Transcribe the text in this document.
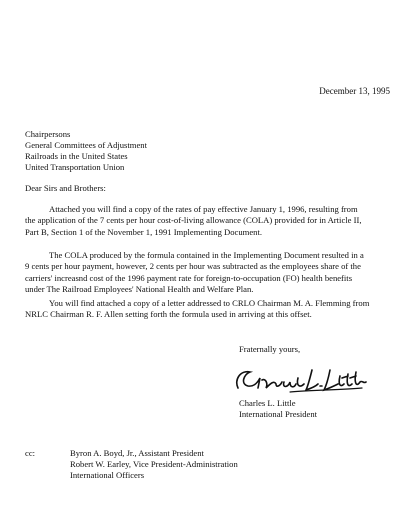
December 13, 1995
Chairpersons
General Committees of Adjustment
Railroads in the United States
United Transportation Union
Dear Sirs and Brothers:
Attached you will find a copy of the rates of pay effective January 1, 1996, resulting from the application of the 7 cents per hour cost-of-living allowance (COLA) provided for in Article II, Part B, Section 1 of the November 1, 1991 Implementing Document.
The COLA produced by the formula contained in the Implementing Document resulted in a 9 cents per hour payment, however, 2 cents per hour was subtracted as the employees share of the carriers' increasnd cost of the 1996 payment rate for foreign-to-occupation (FO) health benefits under The Railroad Employees' National Health and Welfare Plan.
You will find attached a copy of a letter addressed to CRLO Chairman M. A. Flemming from NRLC Chairman R. F. Allen setting forth the formula used in arriving at this offset.
Fraternally yours,
Charles L. Little
International President
cc:	Byron A. Boyd, Jr., Assistant President
Robert W. Earley, Vice President-Administration
International Officers
